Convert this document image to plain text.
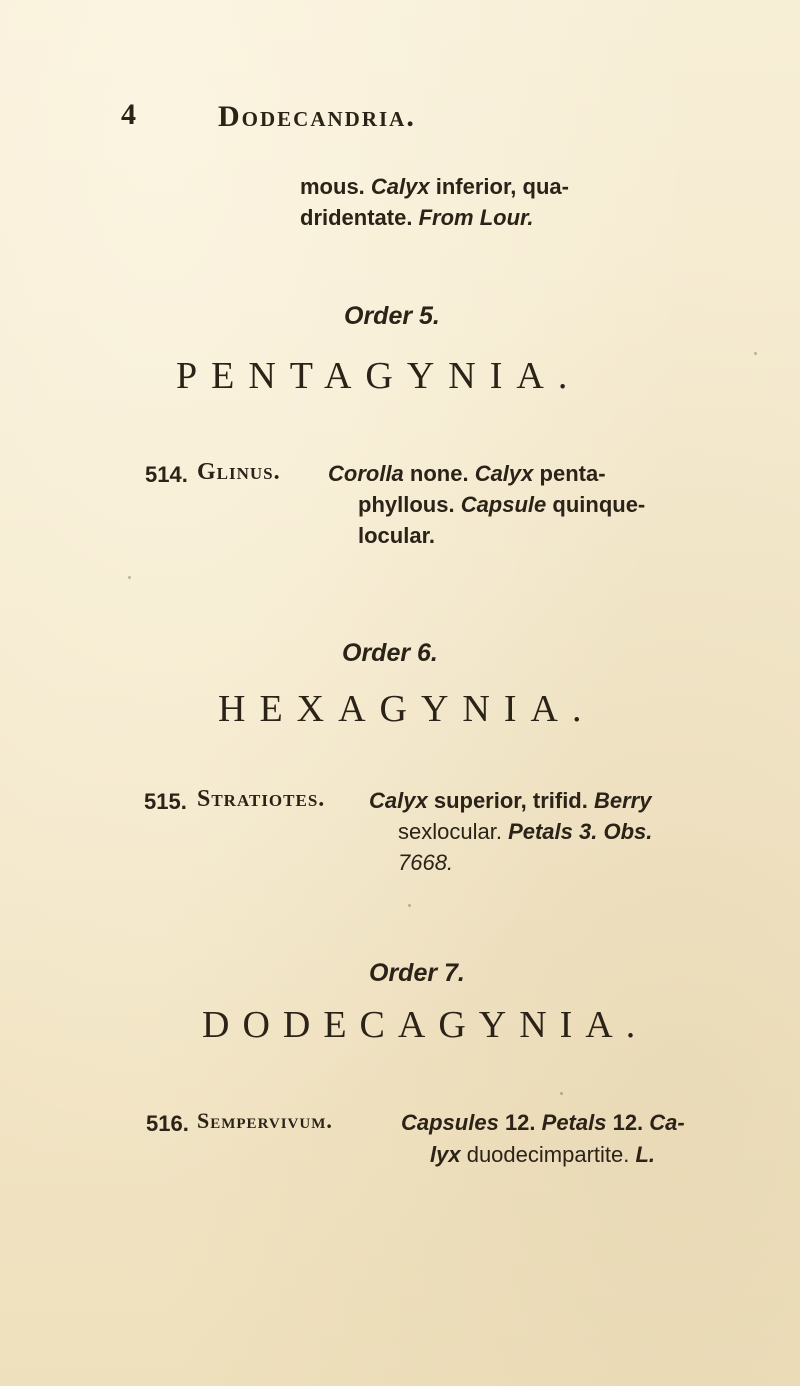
4	Dodecandria.
mous. Calyx inferior, qua-
dridentate. From Lour.
Order 5.
PENTAGYNIA.
514. Glinus. Corolla none. Calyx penta-
phyllous. Capsule quinque-
locular.
Order 6.
HEXAGYNIA.
515. Stratiotes. Calyx superior, trifid. Berry
sexlocular. Petals 3. Obs.
7668.
Order 7.
DODECAGYNIA.
516. Sempervivum.	Capsules 12. Petals 12. Ca-
lyx duodecimpartite. L.
